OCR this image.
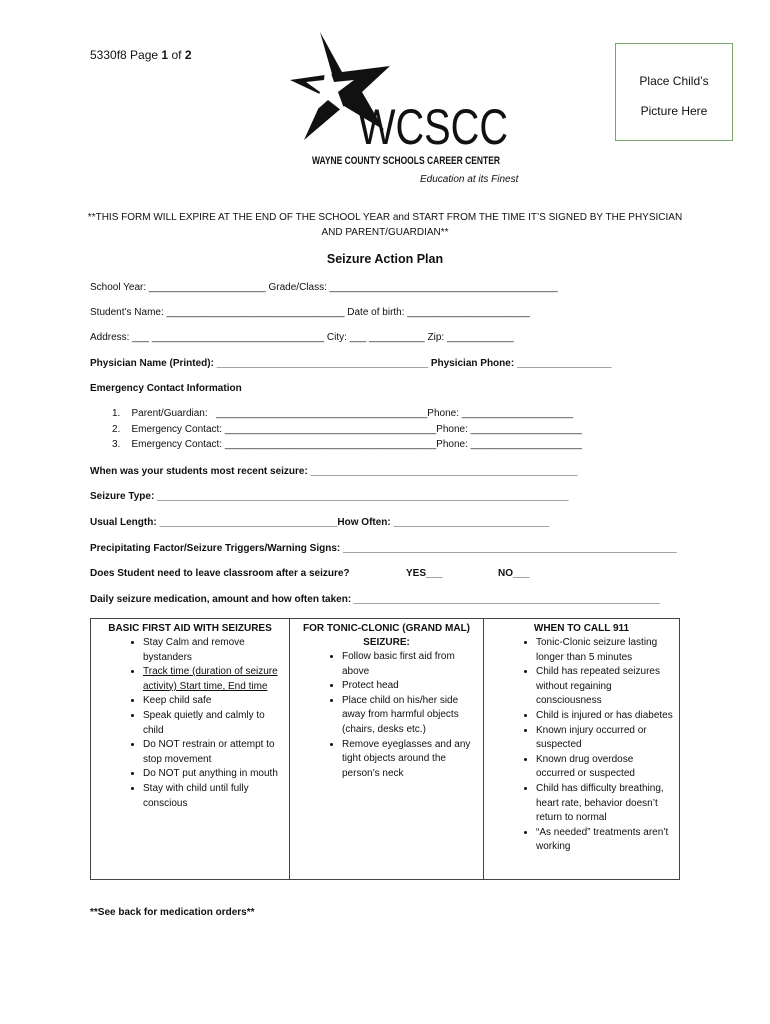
5330f8 Page 1 of 2
WCSCC
WAYNE COUNTY SCHOOLS CAREER CENTER
Education at its Finest
Place Child’s
Picture Here
**THIS FORM WILL EXPIRE AT THE END OF THE SCHOOL YEAR and START FROM THE TIME IT’S SIGNED BY THE PHYSICIAN AND PARENT/GUARDIAN**
Seizure Action Plan
School Year: _____________________ Grade/Class: _________________________________________
Student’s Name: ________________________________ Date of birth: ______________________
Address: ___ _______________________________ City: ___ __________ Zip: ____________
Physician Name (Printed): ______________________________________ Physician Phone: _________________
Emergency Contact Information
1. Parent/Guardian:   ______________________________________Phone: ____________________
2. Emergency Contact: ______________________________________Phone: ____________________
3. Emergency Contact: ______________________________________Phone: ____________________
When was your students most recent seizure: ________________________________________________
Seizure Type: __________________________________________________________________________
Usual Length: ________________________________How Often: ____________________________
Precipitating Factor/Seizure Triggers/Warning Signs: ____________________________________________________________
Does Student need to leave classroom after a seizure?	YES___	NO___
Daily seizure medication, amount and how often taken: _______________________________________________________
BASIC FIRST AID WITH SEIZURES
• Stay Calm and remove bystanders
• Track time (duration of seizure activity) Start time, End time
• Keep child safe
• Speak quietly and calmly to child
• Do NOT restrain or attempt to stop movement
• Do NOT put anything in mouth
• Stay with child until fully conscious
FOR TONIC-CLONIC (GRAND MAL) SEIZURE:
• Follow basic first aid from above
• Protect head
• Place child on his/her side away from harmful objects (chairs, desks etc.)
• Remove eyeglasses and any tight objects around the person’s neck
WHEN TO CALL 911
• Tonic-Clonic seizure lasting longer than 5 minutes
• Child has repeated seizures without regaining consciousness
• Child is injured or has diabetes
• Known injury occurred or suspected
• Known drug overdose occurred or suspected
• Child has difficulty breathing, heart rate, behavior doesn’t return to normal
• “As needed” treatments aren’t working
**See back for medication orders**
